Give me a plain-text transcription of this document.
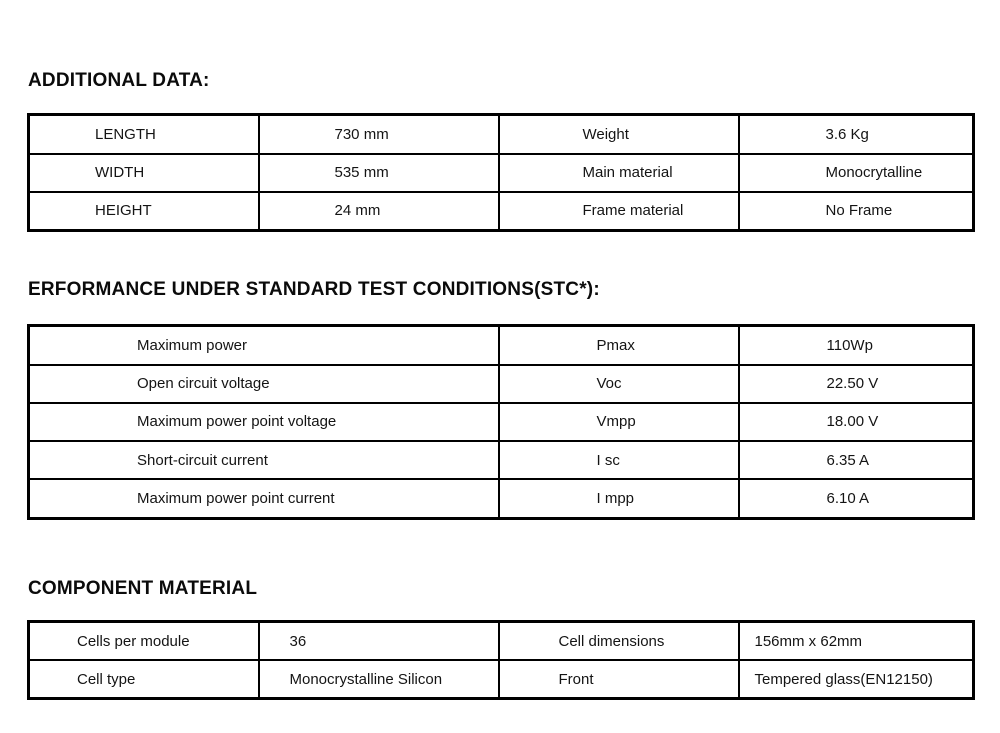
ADDITIONAL DATA:
LENGTH	730 mm	Weight	3.6 Kg
WIDTH	535 mm	Main material	Monocrytalline
HEIGHT	24 mm	Frame material	No Frame
ERFORMANCE UNDER STANDARD TEST CONDITIONS(STC*):
Maximum power	Pmax	110Wp
Open circuit voltage	Voc	22.50 V
Maximum power point voltage	Vmpp	18.00 V
Short-circuit current	I sc	6.35 A
Maximum power point current	I mpp	6.10 A
COMPONENT MATERIAL
Cells per module	36	Cell dimensions	156mm x 62mm
Cell type	Monocrystalline Silicon	Front	Tempered glass(EN12150)
